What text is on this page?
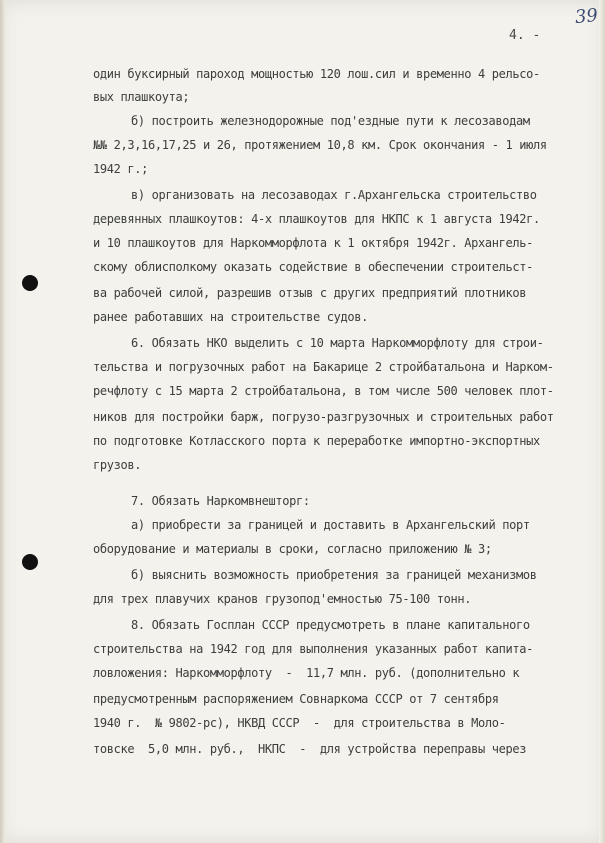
4. -
39
один буксирный пароход мощностью 120 лош.сил и временно 4 рельсо-
вых плашкоута;
б) построить железнодорожные под'ездные пути к лесозаводам
№№ 2,3,16,17,25 и 26, протяжением 10,8 км. Срок окончания - 1 июля
1942 г.;
в) организовать на лесозаводах г.Архангельска строительство
деревянных плашкоутов: 4-х плашкоутов для НКПС к 1 августа 1942г.
и 10 плашкоутов для Наркомморфлота к 1 октября 1942г. Архангель-
скому облисполкому оказать содействие в обеспечении строительст-
ва рабочей силой, разрешив отзыв с других предприятий плотников
ранее работавших на строительстве судов.
6. Обязать НКО выделить с 10 марта Наркомморфлоту для строи-
тельства и погрузочных работ на Бакарице 2 стройбатальона и Нарком-
речфлоту с 15 марта 2 стройбатальона, в том числе 500 человек плот-
ников для постройки барж, погрузо-разгрузочных и строительных работ
по подготовке Котласского порта к переработке импортно-экспортных
грузов.
7. Обязать Наркомвнешторг:
а) приобрести за границей и доставить в Архангельский порт
оборудование и материалы в сроки, согласно приложению № 3;
б) выяснить возможность приобретения за границей механизмов
для трех плавучих кранов грузопод'емностью 75-100 тонн.
8. Обязать Госплан СССР предусмотреть в плане капитального
строительства на 1942 год для выполнения указанных работ капита-
ловложения: Наркомморфлоту  -  11,7 млн. руб. (дополнительно к
предусмотренным распоряжением Совнаркома СССР от 7 сентября
1940 г.  № 9802-рс), НКВД СССР  -  для строительства в Моло-
товске  5,0 млн. руб.,  НКПС  -  для устройства переправы через
